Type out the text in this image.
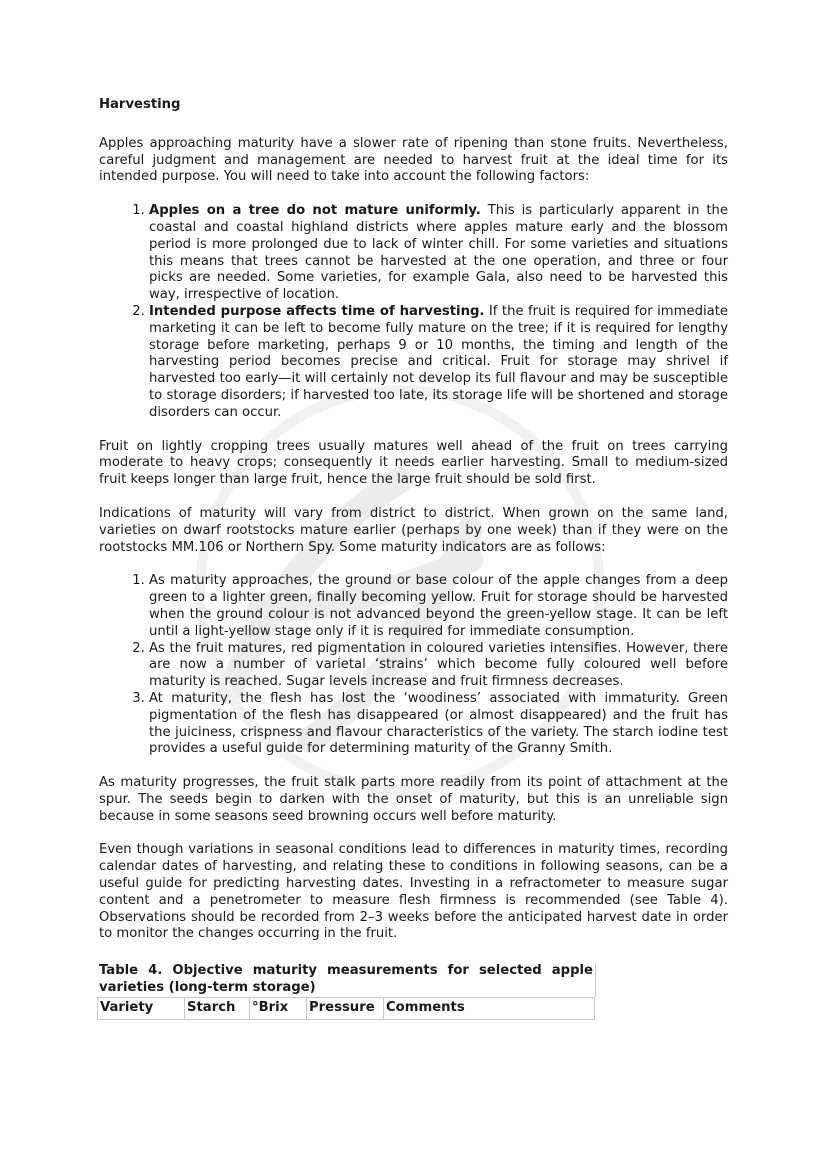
Harvesting

Apples approaching maturity have a slower rate of ripening than stone fruits. Nevertheless, careful judgment and management are needed to harvest fruit at the ideal time for its intended purpose. You will need to take into account the following factors:

1. Apples on a tree do not mature uniformly. This is particularly apparent in the coastal and coastal highland districts where apples mature early and the blossom period is more prolonged due to lack of winter chill. For some varieties and situations this means that trees cannot be harvested at the one operation, and three or four picks are needed. Some varieties, for example Gala, also need to be harvested this way, irrespective of location.
2. Intended purpose affects time of harvesting. If the fruit is required for immediate marketing it can be left to become fully mature on the tree; if it is required for lengthy storage before marketing, perhaps 9 or 10 months, the timing and length of the harvesting period becomes precise and critical. Fruit for storage may shrivel if harvested too early—it will certainly not develop its full flavour and may be susceptible to storage disorders; if harvested too late, its storage life will be shortened and storage disorders can occur.

Fruit on lightly cropping trees usually matures well ahead of the fruit on trees carrying moderate to heavy crops; consequently it needs earlier harvesting. Small to medium-sized fruit keeps longer than large fruit, hence the large fruit should be sold first.

Indications of maturity will vary from district to district. When grown on the same land, varieties on dwarf rootstocks mature earlier (perhaps by one week) than if they were on the rootstocks MM.106 or Northern Spy. Some maturity indicators are as follows:

1. As maturity approaches, the ground or base colour of the apple changes from a deep green to a lighter green, finally becoming yellow. Fruit for storage should be harvested when the ground colour is not advanced beyond the green-yellow stage. It can be left until a light-yellow stage only if it is required for immediate consumption.
2. As the fruit matures, red pigmentation in coloured varieties intensifies. However, there are now a number of varietal ‘strains’ which become fully coloured well before maturity is reached. Sugar levels increase and fruit firmness decreases.
3. At maturity, the flesh has lost the ‘woodiness’ associated with immaturity. Green pigmentation of the flesh has disappeared (or almost disappeared) and the fruit has the juiciness, crispness and flavour characteristics of the variety. The starch iodine test provides a useful guide for determining maturity of the Granny Smith.

As maturity progresses, the fruit stalk parts more readily from its point of attachment at the spur. The seeds begin to darken with the onset of maturity, but this is an unreliable sign because in some seasons seed browning occurs well before maturity.

Even though variations in seasonal conditions lead to differences in maturity times, recording calendar dates of harvesting, and relating these to conditions in following seasons, can be a useful guide for predicting harvesting dates. Investing in a refractometer to measure sugar content and a penetrometer to measure flesh firmness is recommended (see Table 4). Observations should be recorded from 2–3 weeks before the anticipated harvest date in order to monitor the changes occurring in the fruit.

Table 4. Objective maturity measurements for selected apple varieties (long-term storage)
Variety	Starch	°Brix	Pressure	Comments
